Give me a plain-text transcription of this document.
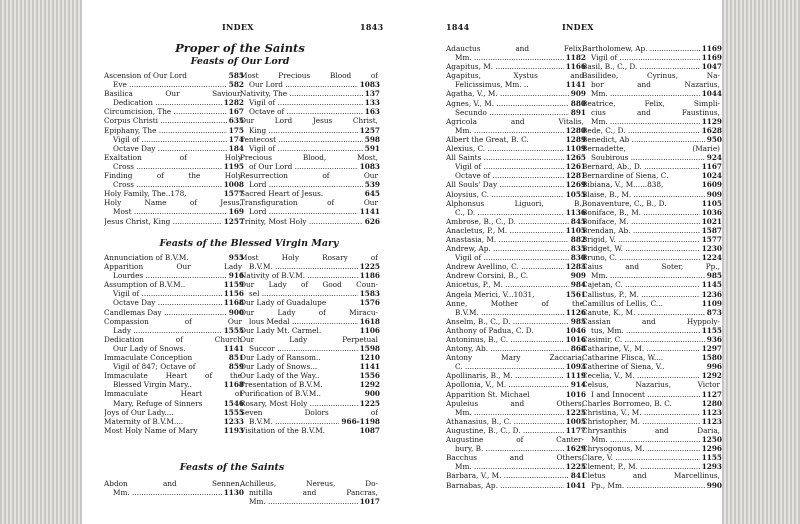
INDEX	1843
Proper of the Saints
Feasts of Our Lord
Ascension of Our Lord	585
Eve .....	582
Basilica Our Saviour,
Dedication .....	1282
Circumcision, The .....	167
Corpus Christi .....	635
Epiphany, The .....	175
Vigil of .....	174
Octave Day .....	184
Exaltation of Holy
Cross .....	1195
Finding of the Holy
Cross .....	1008
Holy Family, The..178,	1577
Holy Name of Jesus,
Most .....	169
Jesus Christ, King .....	1257
Most Precious Blood of
Our Lord .....	1083
Nativity, The .....	137
Vigil of .....	133
Octave of .....	163
Our Lord Jesus Christ,
King .....	1257
Pentecost .....	598
Vigil of .....	591
Precious Blood, Most,
of Our Lord .....	1083
Resurrection of Our
Lord .....	539
Sacred Heart of Jesus.	645
Transfiguration of Our
Lord .....	1141
Trinity, Most Holy .....	626
Feasts of the Blessed Virgin Mary
Annunciation of B.V.M.	955
Apparition Our Lady
Lourdes .....	916
Assumption of B.V.M..	1159
Vigil of .....	1156
Octave Day .....	1168
Candlemas Day .....	900
Compassion of Our
Lady .....	1555
Dedication of Church
Our Lady of Snows.	1141
Immaculate Conception	851
Vigil of 847; Octave of	859
Immaculate Heart of the
Blessed Virgin Mary..	1168
Immaculate Heart of
Mary, Refuge of Sinners	1546
Joys of Our Lady....	1555
Maternity of B.V.M....	1233
Most Holy Name of Mary	1193
Most Holy Rosary of
B.V.M. .....	1225
Nativity of B.V.M. .....	1186
Our Lady of Good Coun-
sel .....	1583
Our Lady of Guadalupe	1576
Our Lady of Miracu-
lous Medal .....	1618
Our Lady Mt. Carmel.	1106
Our Lady Perpetual
Succor .....	1598
Our Lady of Ransom..	1210
Our Lady of Snows...	1141
Our Lady of the Way..	1556
Presentation of B.V.M.	1292
Purification of B.V.M..	900
Rosary, Most Holy .....	1225
Seven Dolors of
B.V.M. .....	966-1198
Visitation of the B.V.M.	1087
Feasts of the Saints
Abdon and Sennen,
Mm. .....	1130
Achilleus, Nereus, Do-
mitilla and Pancras,
Mm. .....	1017
1844	INDEX
Adauctus and Felix,
Mm. .....	1182
Agapitus, M. .....	1166
Agapitus, Xystus and
Felicissimus, Mm. ..	1141
Agatha, V., M. .....	909
Agnes, V., M. .....	880
Secundo .....	891
Agricola and Vitalis,
Mm. .....	1280
Albert the Great, B. C.	1289
Alexius, C. .....	1109
All Saints .....	1265
Vigil of .....	1261
Octave of .....	1281
All Souls' Day .....	1269
Aloysius, C. .....	1055
Alphonsus Liguori, B.,
C., D. .....	1136
Ambrose, B., C., D. .....	845
Anacletus, P., M. .....	1105
Anastasia, M. .....	882
Andrew, Ap. .....	835
Vigil of .....	830
Andrew Avellino, C. .....	1283
Andrew Corsini, B., C.	909
Anicetus, P., M. .....	984
Angela Merici, V...1031,	1561
Anne, Mother of the
B.V.M. .....	1126
Anselm, B., C., D. .....	985
Anthony of Padua, C. D.	1046
Antoninus, B., C. .....	1016
Antony, Ab. .....	868
Antony Mary Zaccaria,
C. .....	1093
Apollinaris, B., M. .....	1119
Apollonia, V., M. .....	914
Apparition St. Michael	1016
Apuleius and Others,
Mm. .....	1225
Athanasius, B., C. .....	1005
Augustine, B., C., D. .....	1177
Augustine of Canter-
bury, B. .....	1629
Bacchus and Others,
Mm. .....	1225
Barbara, V., M. .....	841
Barnabas, Ap. .....	1041
Bartholomew, Ap. .....	1169
Vigil of .....	1169
Basil, B., C., D. .....	1047
Basilideo, Cyrinus, Na-
bor and Nazarius,
Mm. .....	1044
Beatrice, Felix, Simpli-
cius and Faustinus,
Mm. .....	1129
Bede, C., D. .....	1628
Benedict, Ab .....	950
Bernadette, (Marie)
Soubirous .....	924
Bernard, Ab., D. .....	1167
Bernardine of Siena, C.	1024
Bibiana, V., M......838,	1609
Blaise, B., M. .....	909
Bonaventure, C., B., D.	1105
Boniface, B., M. .....	1036
Boniface, M. .....	1021
Brendan, Ab. .....	1587
Brigid, V. .....	1577
Bridget, W. .....	1230
Bruno, C. .....	1224
Caius and Soter, Pp.,
Mm. .....	985
Cajetan, C. .....	1145
Callistus, P., M. .....	1236
Camillus of Lellis, C...	1109
Canute, K., M. .....	873
Cassian and Hyppoly-
tus, Mm. .....	1155
Casimir, C. .....	936
Catharine, V., M. .....	1297
Catharine Flisca, W....	1580
Catherine of Siena, V..	996
Cecelia, V., M. .....	1292
Celsus, Nazarius, Victor
I and Innocent .....	1127
Charles Borromeo, B. C.	1280
Christina, V., M. .....	1123
Christopher, M. .....	1123
Chrysanthis and Daria,
Mm. .....	1250
Chrysogonus, M. .....	1296
Clare, V. .....	1155
Clement, P., M. .....	1293
Cletus and Marcellinus,
Pp., Mm. .....	990
